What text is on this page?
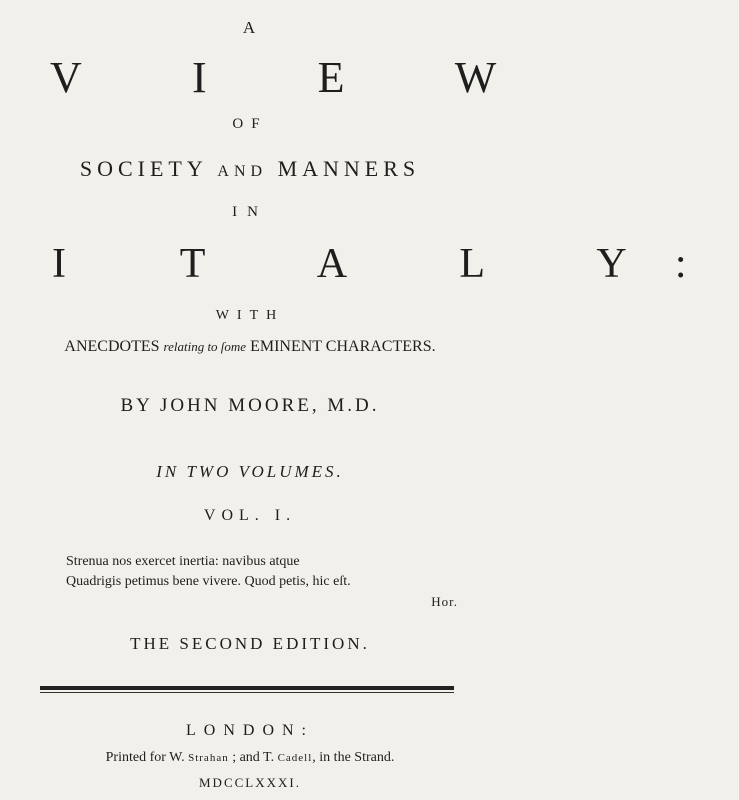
A
V I E W
OF
SOCIETY AND MANNERS
IN
I T A L Y:
WITH
ANECDOTES relating to ſome EMINENT CHARACTERS.
BY JOHN MOORE, M.D.
IN TWO VOLUMES.
VOL. I.
Strenua nos exercet inertia: navibus atque
Quadrigis petimus bene vivere. Quod petis, hic eſt.
Hor.
THE SECOND EDITION.
LONDON:
Printed for W. Strahan ; and T. Cadell, in the Strand.
MDCCLXXXI.
